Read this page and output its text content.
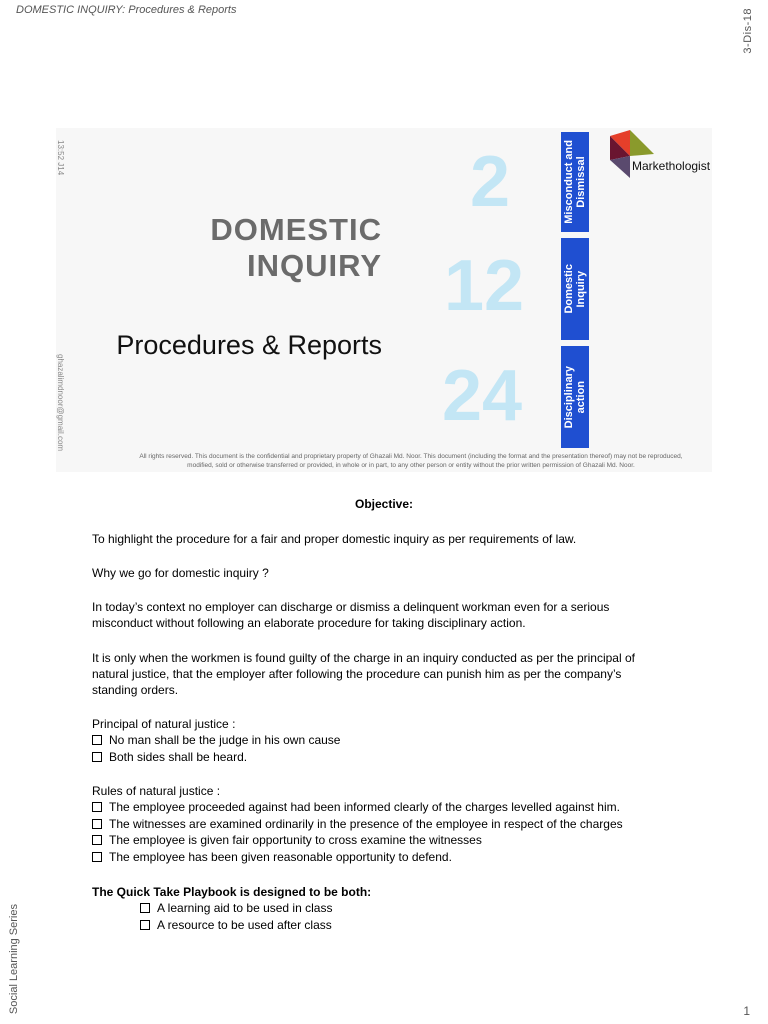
DOMESTIC INQUIRY: Procedures & Reports	3-Dis-18
13:52 J14
ghazalimdnoor@gmail.com
DOMESTIC
INQUIRY
Procedures & Reports
2
12
24
Misconduct and
Dismissal
Domestic
Inquiry
Disciplinary
action
Markethologist
All rights reserved. This document is the confidential and proprietary property of Ghazali Md. Noor. This document (including the format and the presentation thereof) may not be reproduced,
modified, sold or otherwise transferred or provided, in whole or in part, to any other person or entity without the prior written permission of Ghazali Md. Noor.
Objective:

To highlight the procedure for a fair and proper domestic inquiry as per requirements of law.

Why we go for domestic inquiry ?

In today’s context no employer can discharge or dismiss a delinquent workman even for a serious misconduct without following an elaborate procedure for taking disciplinary action.

It is only when the workmen is found guilty of the charge in an inquiry conducted as per the principal of natural justice, that the employer after following the procedure can punish him as per the company’s standing orders.

Principal of natural justice :

No man shall be the judge in his own cause
Both sides shall be heard.

Rules of natural justice :

The employee proceeded against had been informed clearly of the charges levelled against him.
The witnesses are examined ordinarily in the presence of the employee in respect of the charges
The employee is given fair opportunity to cross examine the witnesses
The employee has been given reasonable opportunity to defend.

The Quick Take Playbook is designed to be both:

A learning aid to be used in class
A resource to be used after class
Social Learning Series	1
